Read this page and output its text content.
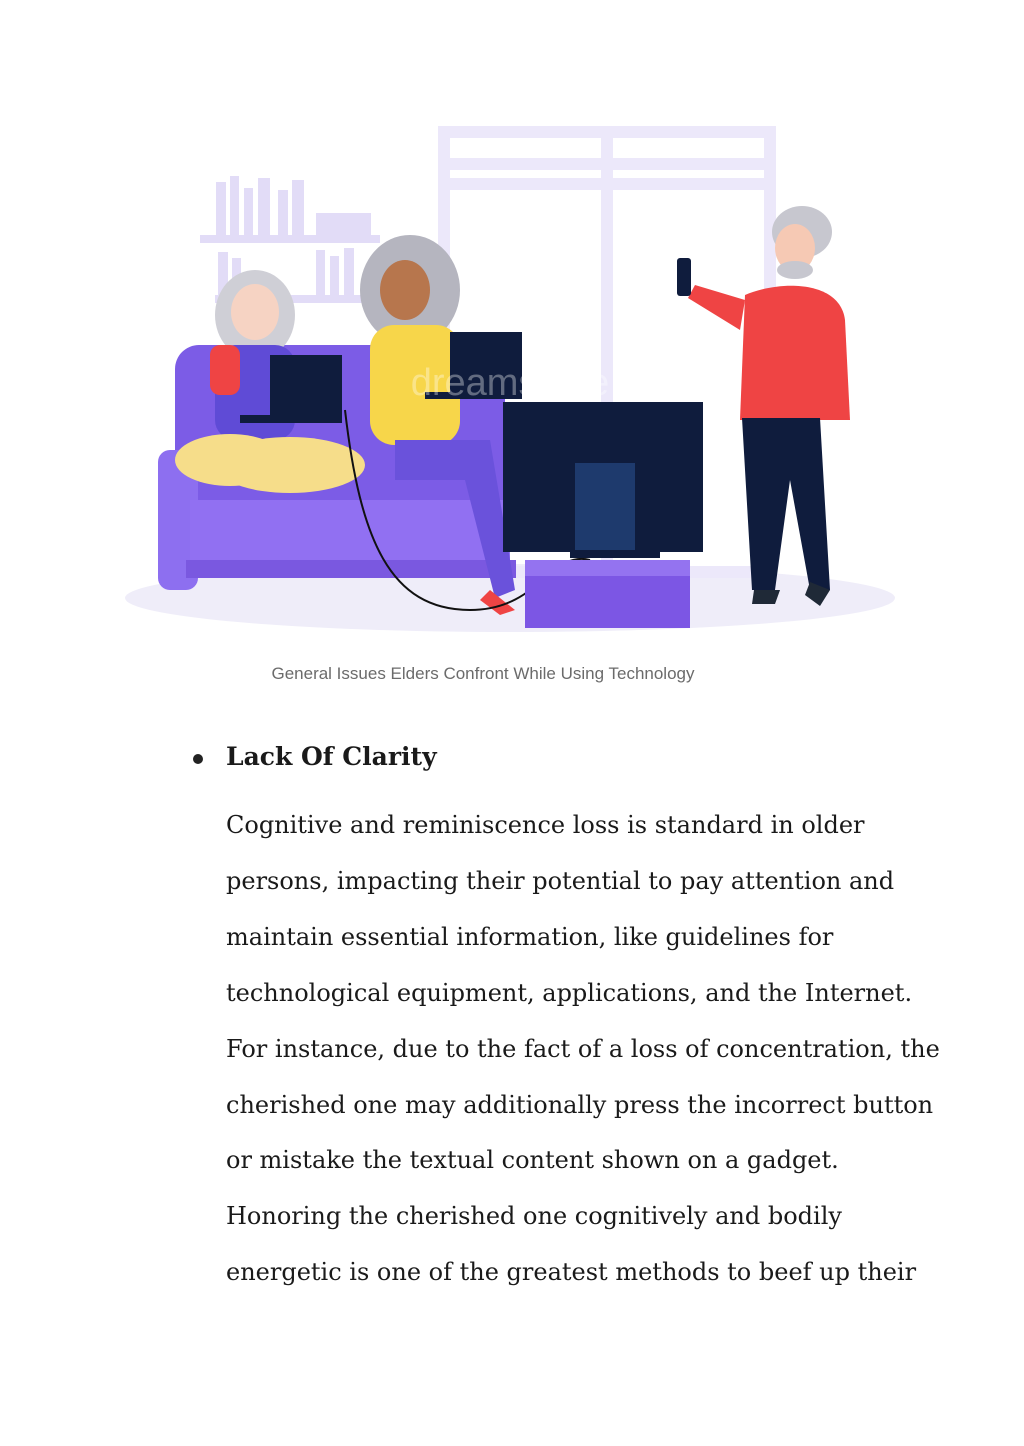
dreamstime
General Issues Elders Confront While Using Technology
Lack Of Clarity
Cognitive and reminiscence loss is standard in older
persons, impacting their potential to pay attention and
maintain essential information, like guidelines for
technological equipment, applications, and the Internet.
For instance, due to the fact of a loss of concentration, the
cherished one may additionally press the incorrect button
or mistake the textual content shown on a gadget.
Honoring the cherished one cognitively and bodily
energetic is one of the greatest methods to beef up their
